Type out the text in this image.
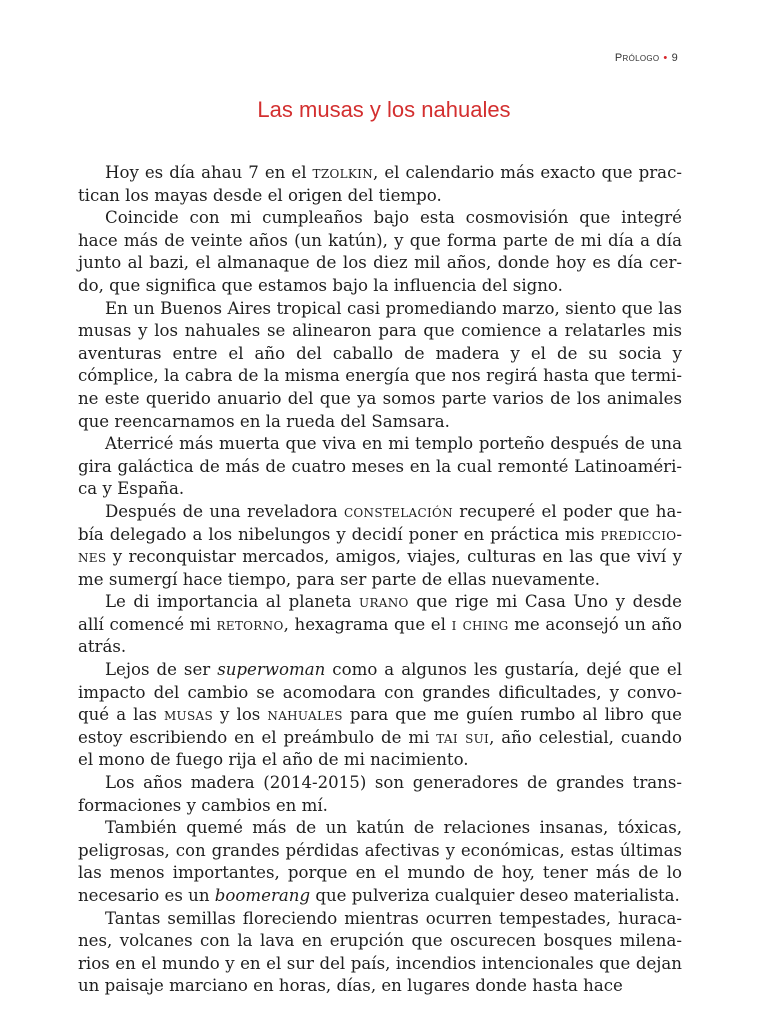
Prólogo • 9
Las musas y los nahuales

Hoy es día ahau 7 en el tzolkin, el calendario más exacto que practican los mayas desde el origen del tiempo.

Coincide con mi cumpleaños bajo esta cosmovisión que integré hace más de veinte años (un katún), y que forma parte de mi día a día junto al bazi, el almanaque de los diez mil años, donde hoy es día cerdo, que significa que estamos bajo la influencia del signo.

En un Buenos Aires tropical casi promediando marzo, siento que las musas y los nahuales se alinearon para que comience a relatarles mis aventuras entre el año del caballo de madera y el de su socia y cómplice, la cabra de la misma energía que nos regirá hasta que termine este querido anuario del que ya somos parte varios de los animales que reencarnamos en la rueda del Samsara.

Aterricé más muerta que viva en mi templo porteño después de una gira galáctica de más de cuatro meses en la cual remonté Latinoamérica y España.

Después de una reveladora constelación recuperé el poder que había delegado a los nibelungos y decidí poner en práctica mis predicciones y reconquistar mercados, amigos, viajes, culturas en las que viví y me sumergí hace tiempo, para ser parte de ellas nuevamente.

Le di importancia al planeta urano que rige mi Casa Uno y desde allí comencé mi retorno, hexagrama que el i ching me aconsejó un año atrás.

Lejos de ser superwoman como a algunos les gustaría, dejé que el impacto del cambio se acomodara con grandes dificultades, y convoqué a las musas y los nahuales para que me guíen rumbo al libro que estoy escribiendo en el preámbulo de mi tai sui, año celestial, cuando el mono de fuego rija el año de mi nacimiento.

Los años madera (2014-2015) son generadores de grandes transformaciones y cambios en mí.

También quemé más de un katún de relaciones insanas, tóxicas, peligrosas, con grandes pérdidas afectivas y económicas, estas últimas las menos importantes, porque en el mundo de hoy, tener más de lo necesario es un boomerang que pulveriza cualquier deseo materialista.

Tantas semillas floreciendo mientras ocurren tempestades, huracanes, volcanes con la lava en erupción que oscurecen bosques milenarios en el mundo y en el sur del país, incendios intencionales que dejan un paisaje marciano en horas, días, en lugares donde hasta hace
